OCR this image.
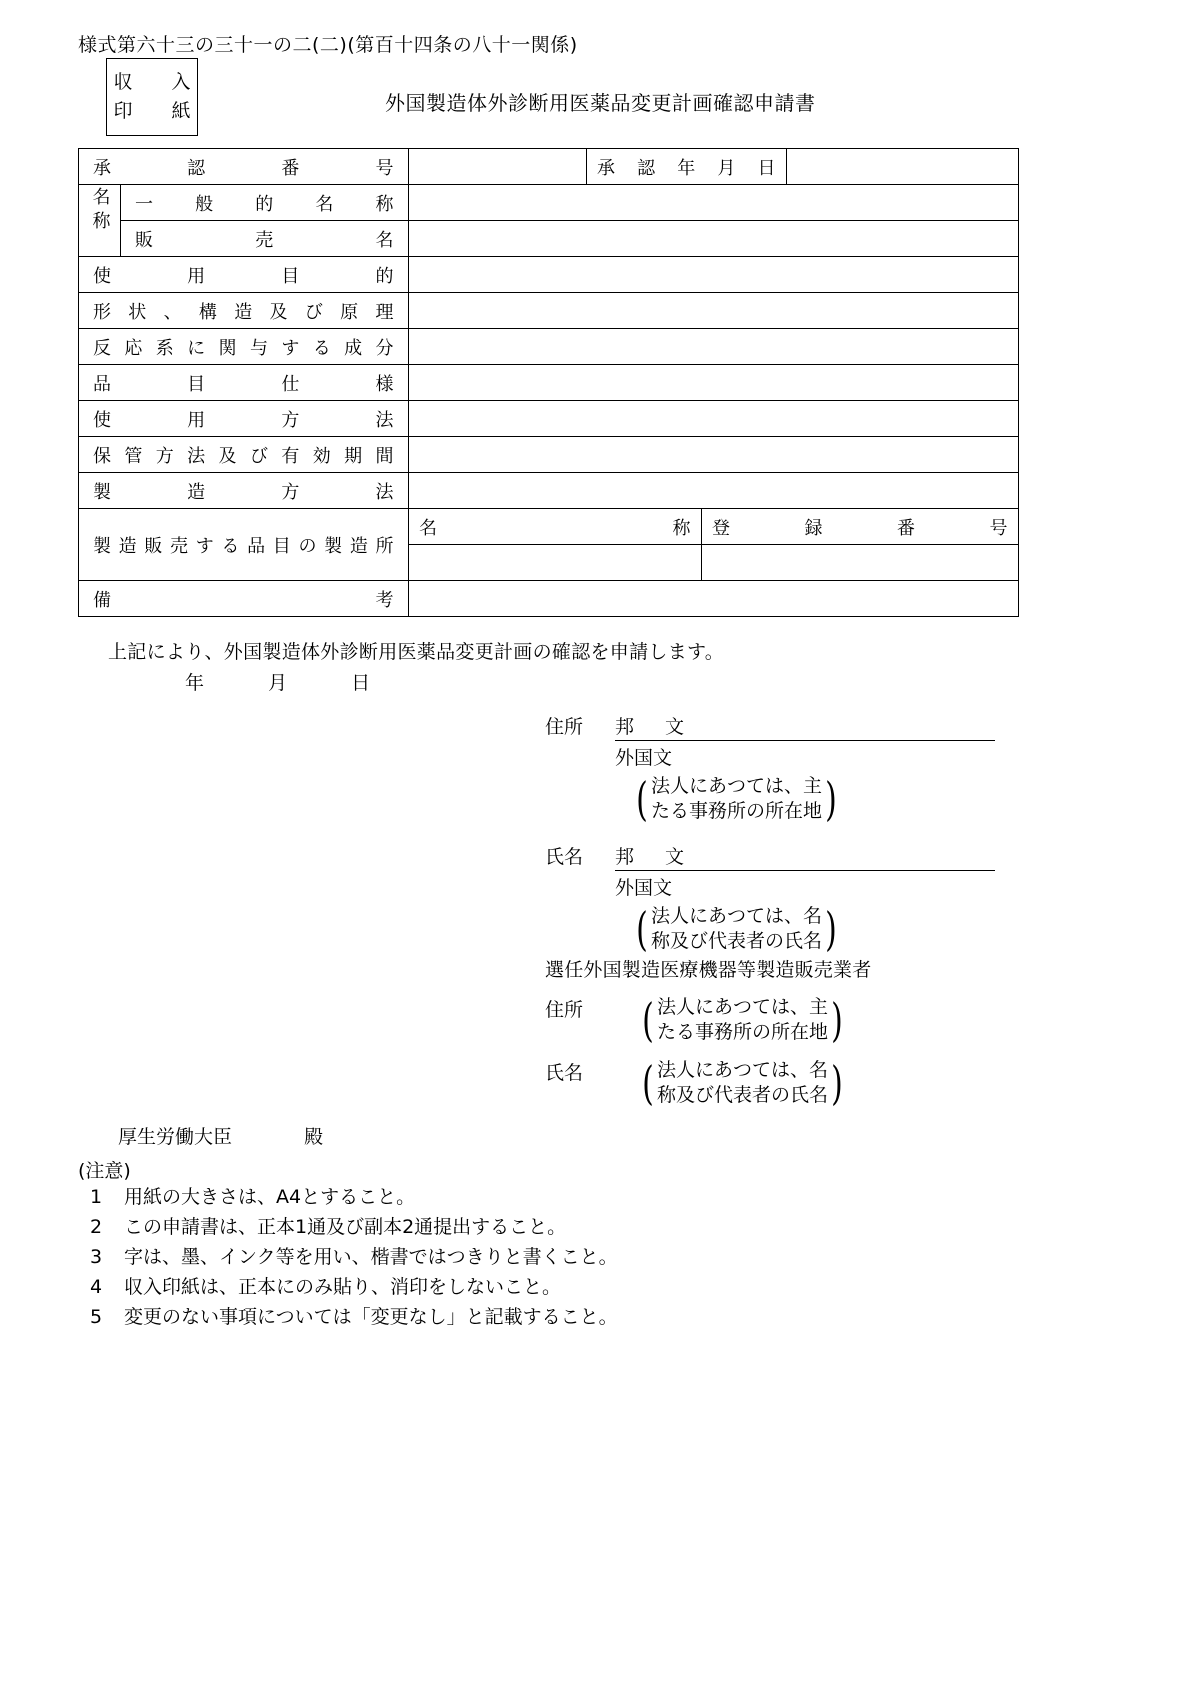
様式第六十三の三十一の二(二)(第百十四条の八十一関係)
収　入
印　紙	外国製造体外診断用医薬品変更計画確認申請書
承　認　番　号			承　認　年　月　日		

名称	一　般　的　名　称				

	販　　売　　名				

使　　用　　目　　的					

形 状 、 構 造 及 び 原 理					

反 応 系 に 関 与 す る 成 分					

品　　目　　仕　　様					

使　　用　　方　　法					

保 管 方 法 及 び 有 効 期 間					

製　　造　　方　　法					

製 造 販 売 す る 品 目 の 製 造 所		名　　　　　　　　称		登　　録　　番　　号	

備　　　　　　　　考					

上記により、外国製造体外診断用医薬品変更計画の確認を申請します。
年	月	日
住所	邦　文
外国文
( 法人にあつては、主
たる事務所の所在地 )
氏名	邦　文
外国文
( 法人にあつては、名
称及び代表者の氏名 )
選任外国製造医療機器等製造販売業者
住所	( 法人にあつては、主
たる事務所の所在地 )
氏名	( 法人にあつては、名
称及び代表者の氏名 )
厚生労働大臣	殿
(注意)
1	用紙の大きさは、A4とすること。
2	この申請書は、正本1通及び副本2通提出すること。
3	字は、墨、インク等を用い、楷書ではつきりと書くこと。
4	収入印紙は、正本にのみ貼り、消印をしないこと。
5	変更のない事項については「変更なし」と記載すること。
